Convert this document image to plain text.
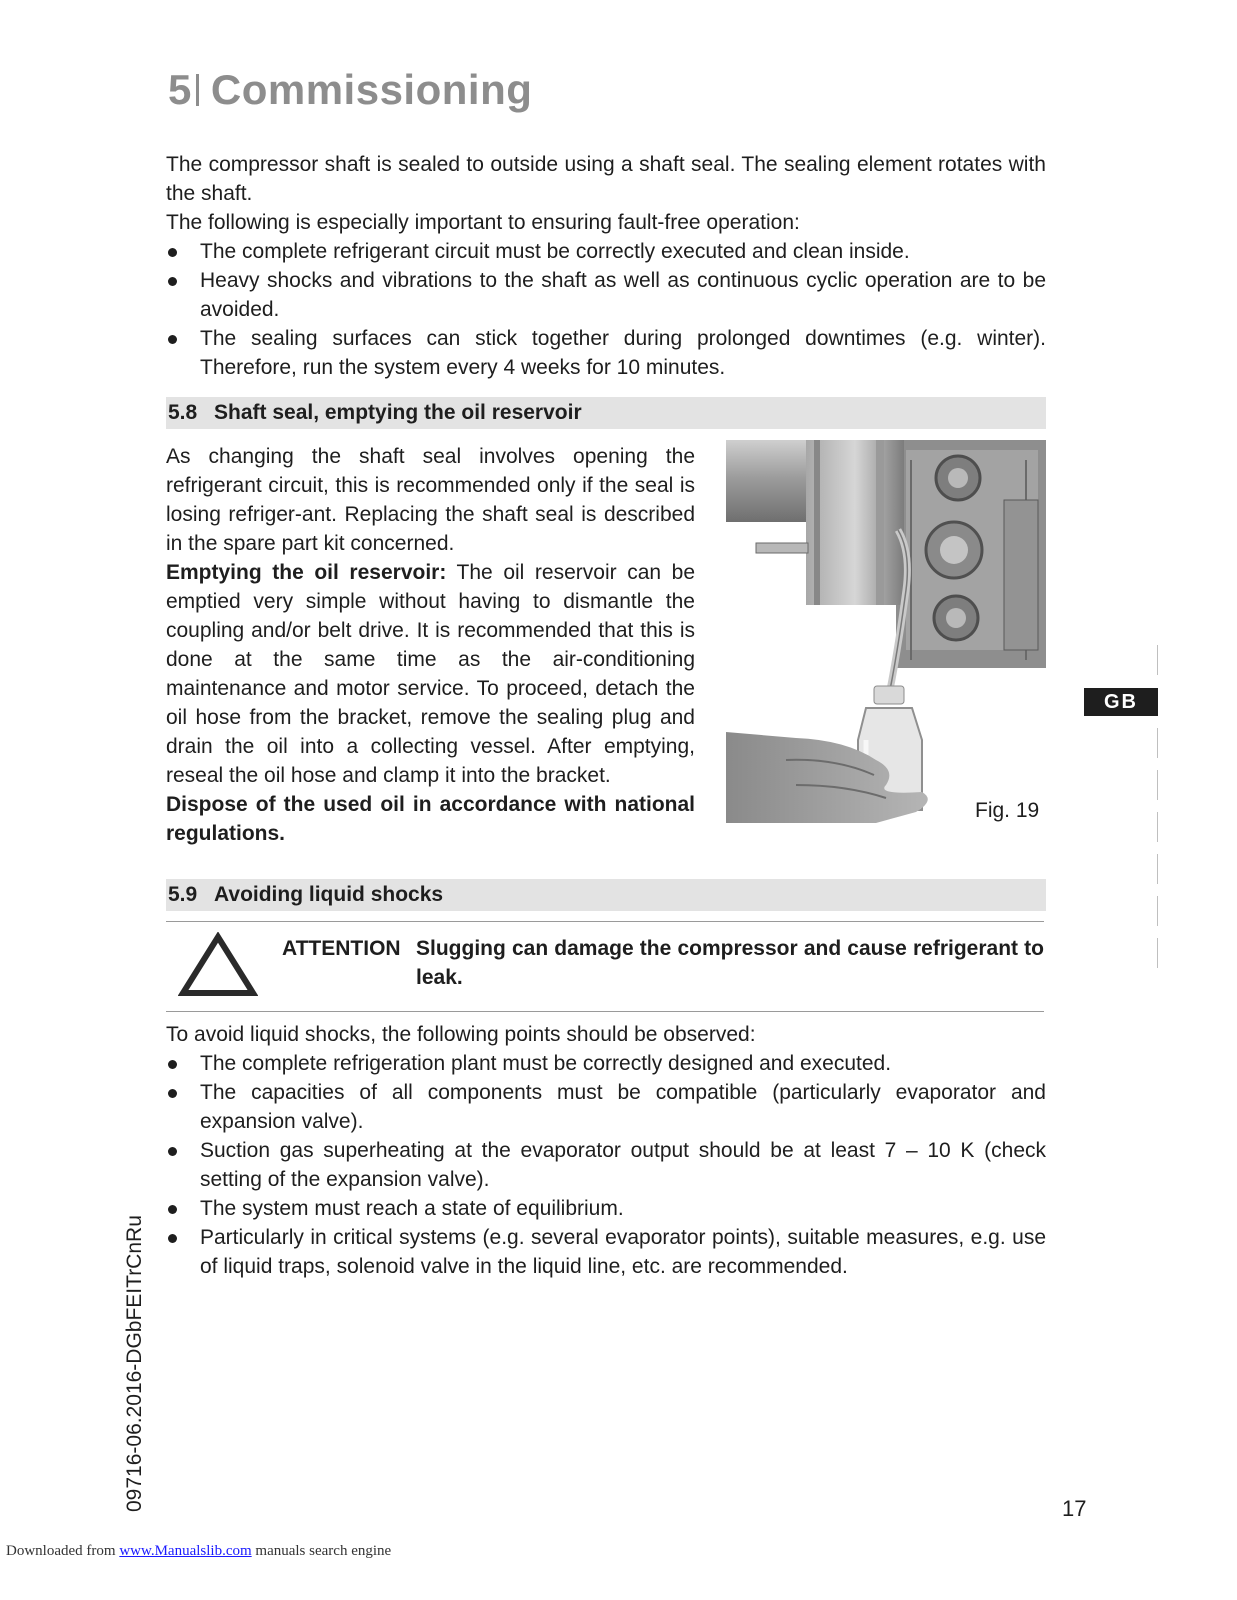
5 Commissioning

The compressor shaft is sealed to outside using a shaft seal. The sealing element rotates with the shaft.

The following is especially important to ensuring fault-free operation:

The complete refrigerant circuit must be correctly executed and clean inside.
Heavy shocks and vibrations to the shaft as well as continuous cyclic operation are to be avoided.
The sealing surfaces can stick together during prolonged downtimes (e.g. winter). Therefore, run the system every 4 weeks for 10 minutes.
5.8 Shaft seal, emptying the oil reservoir

As changing the shaft seal involves opening the refrigerant circuit, this is recommended only if the seal is losing refriger-ant. Replacing the shaft seal is described in the spare part kit concerned.

Emptying the oil reservoir: The oil reservoir can be emptied very simple without having to dismantle the coupling and/or belt drive. It is recommended that this is done at the same time as the air-conditioning maintenance and motor service. To proceed, detach the oil hose from the bracket, remove the sealing plug and drain the oil into a collecting vessel. After emptying, reseal the oil hose and clamp it into the bracket.

Dispose of the used oil in accordance with national regulations.

Fig. 19
5.9 Avoiding liquid shocks
ATTENTION Slugging can damage the compressor and cause refrigerant to leak.

To avoid liquid shocks, the following points should be observed:

The complete refrigeration plant must be correctly designed and executed.
The capacities of all components must be compatible (particularly evaporator and expansion valve).
Suction gas superheating at the evaporator output should be at least 7 – 10 K (check setting of the expansion valve).
The system must reach a state of equilibrium.
Particularly in critical systems (e.g. several evaporator points), suitable measures, e.g. use of liquid traps, solenoid valve in the liquid line, etc. are recommended.
GB
09716-06.2016-DGbFEITrCnRu	17
Downloaded from www.Manualslib.com manuals search engine
